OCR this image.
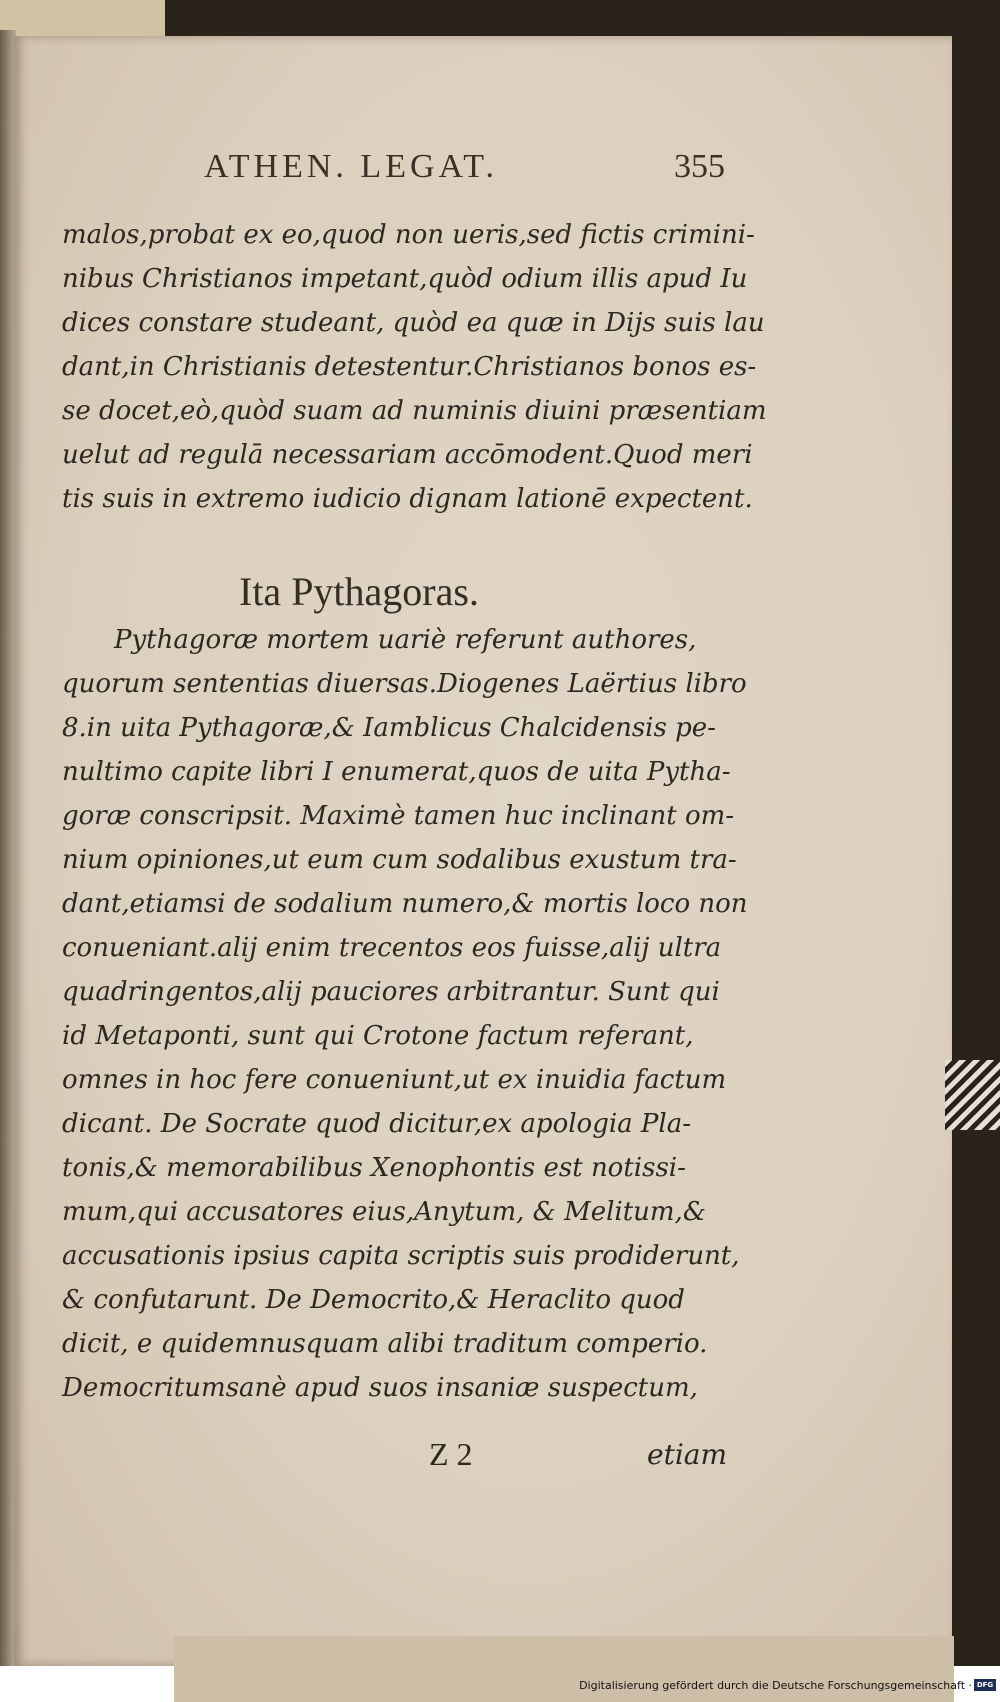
ATHEN. LEGAT.	355
malos,probat ex eo,quod non ueris,sed fictis crimini-
nibus Christianos impetant,quòd odium illis apud Iu
dices constare studeant, quòd ea quæ in Dijs suis lau
dant,in Christianis detestentur.Christianos bonos es-
se docet,eò,quòd suam ad numinis diuini præsentiam
uelut ad regulā necessariam accōmodent.Quod meri
tis suis in extremo iudicio dignam lationē expectent.
Ita Pythagoras.
Pythagoræ mortem uariè referunt authores,
quorum sententias diuersas.Diogenes Laërtius libro
8.in uita Pythagoræ,& Iamblicus Chalcidensis pe-
nultimo capite libri I enumerat,quos de uita Pytha-
goræ conscripsit. Maximè tamen huc inclinant om-
nium opiniones,ut eum cum sodalibus exustum tra-
dant,etiamsi de sodalium numero,& mortis loco non
conueniant.alij enim trecentos eos fuisse,alij ultra
quadringentos,alij pauciores arbitrantur. Sunt qui
id Metaponti, sunt qui Crotone factum referant,
omnes in hoc fere conueniunt,ut ex inuidia factum
dicant. De Socrate quod dicitur,ex apologia Pla-
tonis,& memorabilibus Xenophontis est notissi-
mum,qui accusatores eius,Anytum, & Melitum,&
accusationis ipsius capita scriptis suis prodiderunt,
& confutarunt. De Democrito,& Heraclito quod
dicit, e quidemnusquam alibi traditum comperio.
Democritumsanè apud suos insaniæ suspectum,
Z 2	etiam
Digitalisierung gefördert durch die Deutsche Forschungsgemeinschaft · DFG
